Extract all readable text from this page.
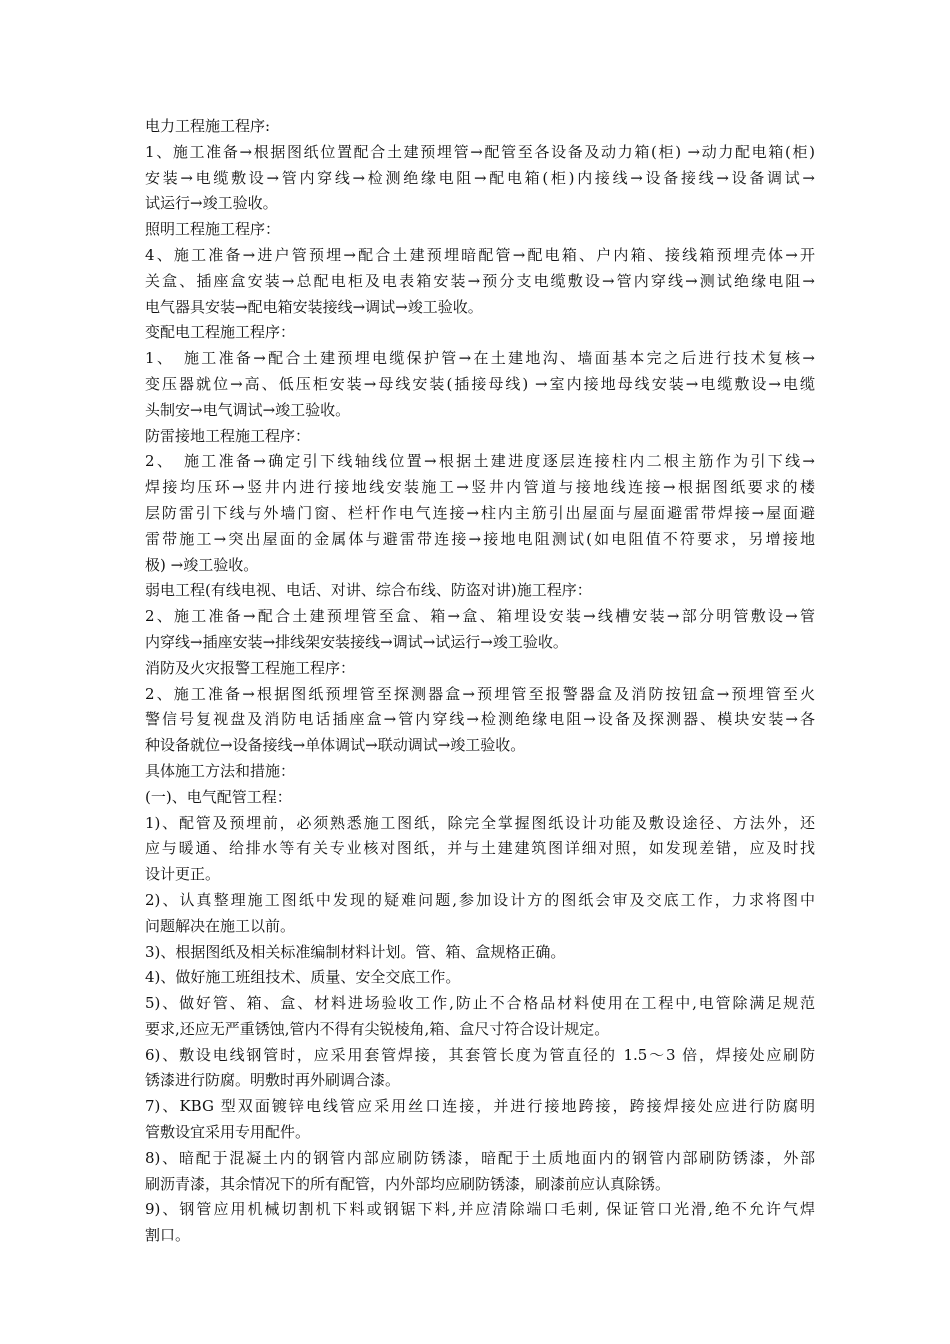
电力工程施工程序:
1、施工准备→根据图纸位置配合土建预埋管→配管至各设备及动力箱(柜) →动力配电箱(柜)
安装→电缆敷设→管内穿线→检测绝缘电阻→配电箱(柜)内接线→设备接线→设备调试→
试运行→竣工验收。
照明工程施工程序：
4、施工准备→进户管预埋→配合土建预埋暗配管→配电箱、户内箱、接线箱预埋壳体→开
关盒、插座盒安装→总配电柜及电表箱安装→预分支电缆敷设→管内穿线→测试绝缘电阻→
电气器具安装→配电箱安装接线→调试→竣工验收。
变配电工程施工程序：
1、　施工准备→配合土建预埋电缆保护管→在土建地沟、墙面基本完之后进行技术复核→
变压器就位→高、低压柜安装→母线安装(插接母线) →室内接地母线安装→电缆敷设→电缆
头制安→电气调试→竣工验收。
防雷接地工程施工程序：
2、　施工准备→确定引下线轴线位置→根据土建进度逐层连接柱内二根主筋作为引下线→
焊接均压环→竖井内进行接地线安装施工→竖井内管道与接地线连接→根据图纸要求的楼
层防雷引下线与外墙门窗、栏杆作电气连接→柱内主筋引出屋面与屋面避雷带焊接→屋面避
雷带施工→突出屋面的金属体与避雷带连接→接地电阻测试(如电阻值不符要求，另增接地
极) →竣工验收。
弱电工程(有线电视、电话、对讲、综合布线、防盗对讲)施工程序：
2、施工准备→配合土建预埋管至盒、箱→盒、箱埋设安装→线槽安装→部分明管敷设→管
内穿线→插座安装→排线架安装接线→调试→试运行→竣工验收。
消防及火灾报警工程施工程序：
2、施工准备→根据图纸预埋管至探测器盒→预埋管至报警器盒及消防按钮盒→预埋管至火
警信号复视盘及消防电话插座盒→管内穿线→检测绝缘电阻→设备及探测器、模块安装→各
种设备就位→设备接线→单体调试→联动调试→竣工验收。
具体施工方法和措施：
(一)、电气配管工程：
1)、配管及预埋前，必须熟悉施工图纸，除完全掌握图纸设计功能及敷设途径、方法外，还
应与暖通、给排水等有关专业核对图纸，并与土建建筑图详细对照，如发现差错，应及时找
设计更正。
2)、认真整理施工图纸中发现的疑难问题,参加设计方的图纸会审及交底工作，力求将图中
问题解决在施工以前。
3)、根据图纸及相关标准编制材料计划。管、箱、盒规格正确。
4)、做好施工班组技术、质量、安全交底工作。
5)、做好管、箱、盒、材料进场验收工作,防止不合格品材料使用在工程中,电管除满足规范
要求,还应无严重锈蚀,管内不得有尖锐棱角,箱、盒尺寸符合设计规定。
6)、敷设电线钢管时，应采用套管焊接，其套管长度为管直径的 1.5～3 倍，焊接处应刷防
锈漆进行防腐。明敷时再外刷调合漆。
7)、KBG 型双面镀锌电线管应采用丝口连接，并进行接地跨接，跨接焊接处应进行防腐明
管敷设宜采用专用配件。
8)、暗配于混凝土内的钢管内部应刷防锈漆，暗配于土质地面内的钢管内部刷防锈漆，外部
刷沥青漆，其余情况下的所有配管，内外部均应刷防锈漆，刷漆前应认真除锈。
9)、钢管应用机械切割机下料或钢锯下料,并应清除端口毛刺, 保证管口光滑,绝不允许气焊
割口。
